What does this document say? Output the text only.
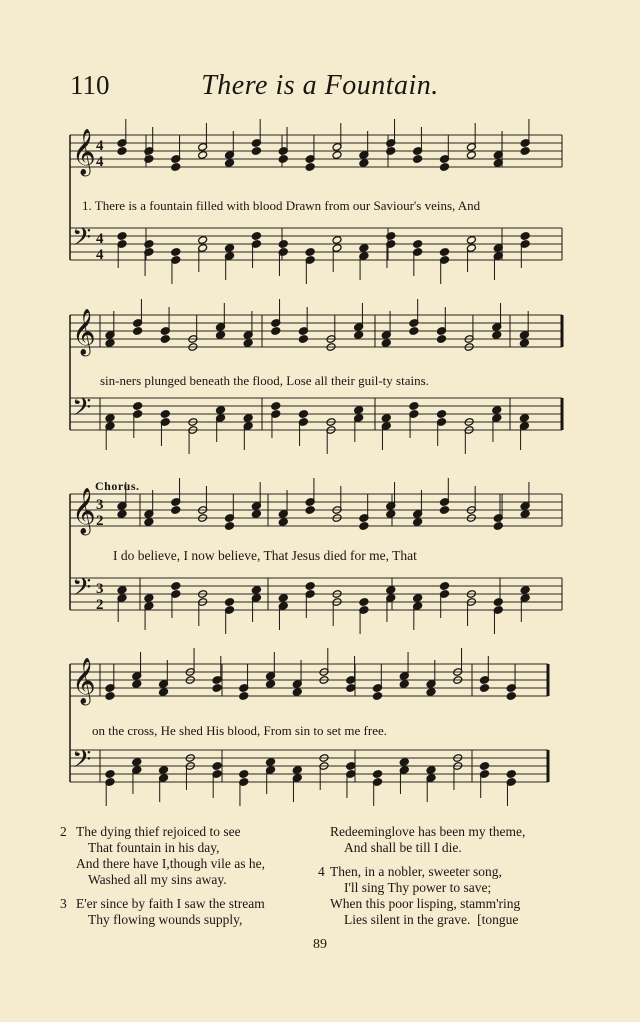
110	There is a Fountain.
𝄞 4
4
𝄢 4
4
𝄞
𝄢
𝄞 3
2
𝄢 3
2
𝄞
𝄢
Chorus.
1. There is a fountain filled with blood Drawn from our Saviour's veins, And
sin-ners plunged beneath the flood, Lose all their guil-ty stains.
I do believe, I now believe, That Jesus died for me, That
on the cross, He shed His blood, From sin to set me free.
2 The dying thief rejoiced to see
That fountain in his day,
And there have I,though vile as he,
Washed all my sins away.
3 E'er since by faith I saw the stream
Thy flowing wounds supply,
Redeeminglove has been my theme,
And shall be till I die.
4 Then, in a nobler, sweeter song,
I'll sing Thy power to save;
When this poor lisping, stamm'ring
Lies silent in the grave.  [tongue
89
